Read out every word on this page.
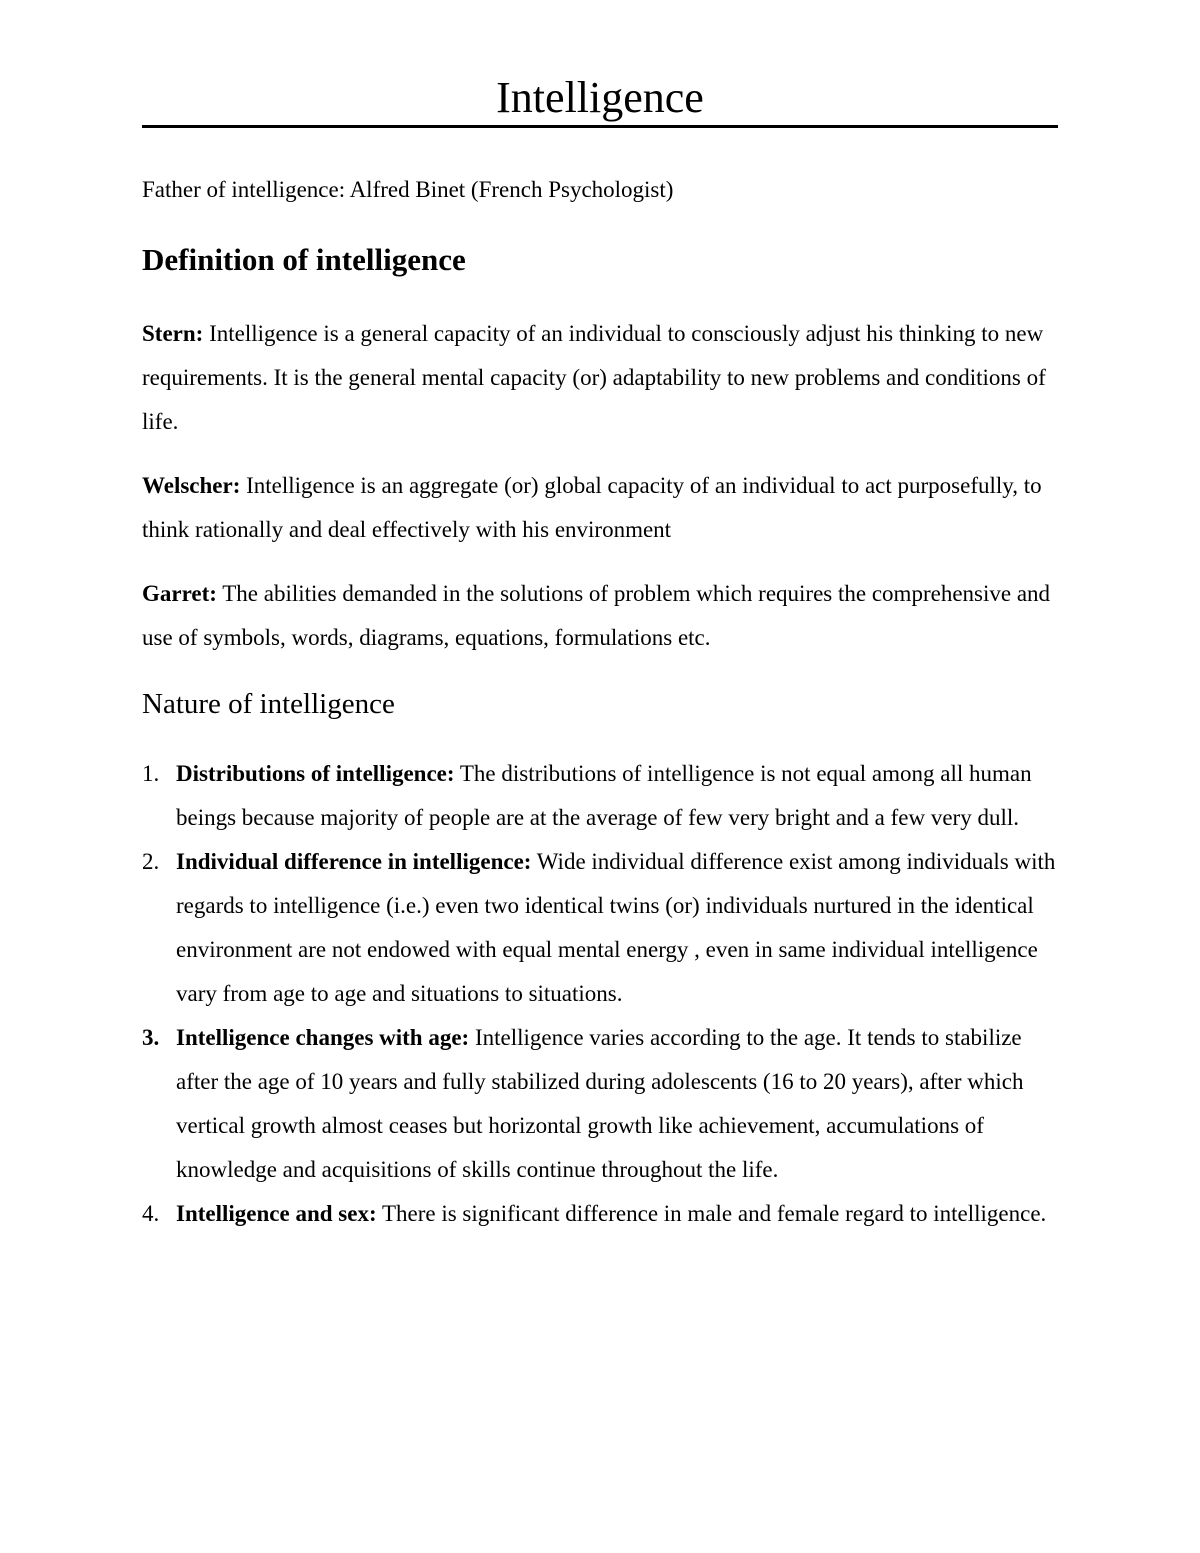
Intelligence
Father of intelligence: Alfred Binet (French Psychologist)
Definition of intelligence
Stern: Intelligence is a general capacity of an individual to consciously adjust his thinking to new requirements. It is the general mental capacity (or) adaptability to new problems and conditions of life.
Welscher: Intelligence is an aggregate (or) global capacity of an individual to act purposefully, to think rationally and deal effectively with his environment
Garret: The abilities demanded in the solutions of problem which requires the comprehensive and use of symbols, words, diagrams, equations, formulations etc.
Nature of intelligence
1. Distributions of intelligence: The distributions of intelligence is not equal among all human beings because majority of people are at the average of few very bright and a few very dull.
2. Individual difference in intelligence: Wide individual difference exist among individuals with regards to intelligence (i.e.) even two identical twins (or) individuals nurtured in the identical environment are not endowed with equal mental energy , even in same individual intelligence vary from age to age and situations to situations.
3. Intelligence changes with age: Intelligence varies according to the age. It tends to stabilize after the age of 10 years and fully stabilized during adolescents (16 to 20 years), after which vertical growth almost ceases but horizontal growth like achievement, accumulations of knowledge and acquisitions of skills continue throughout the life.
4. Intelligence and sex: There is significant difference in male and female regard to intelligence.
